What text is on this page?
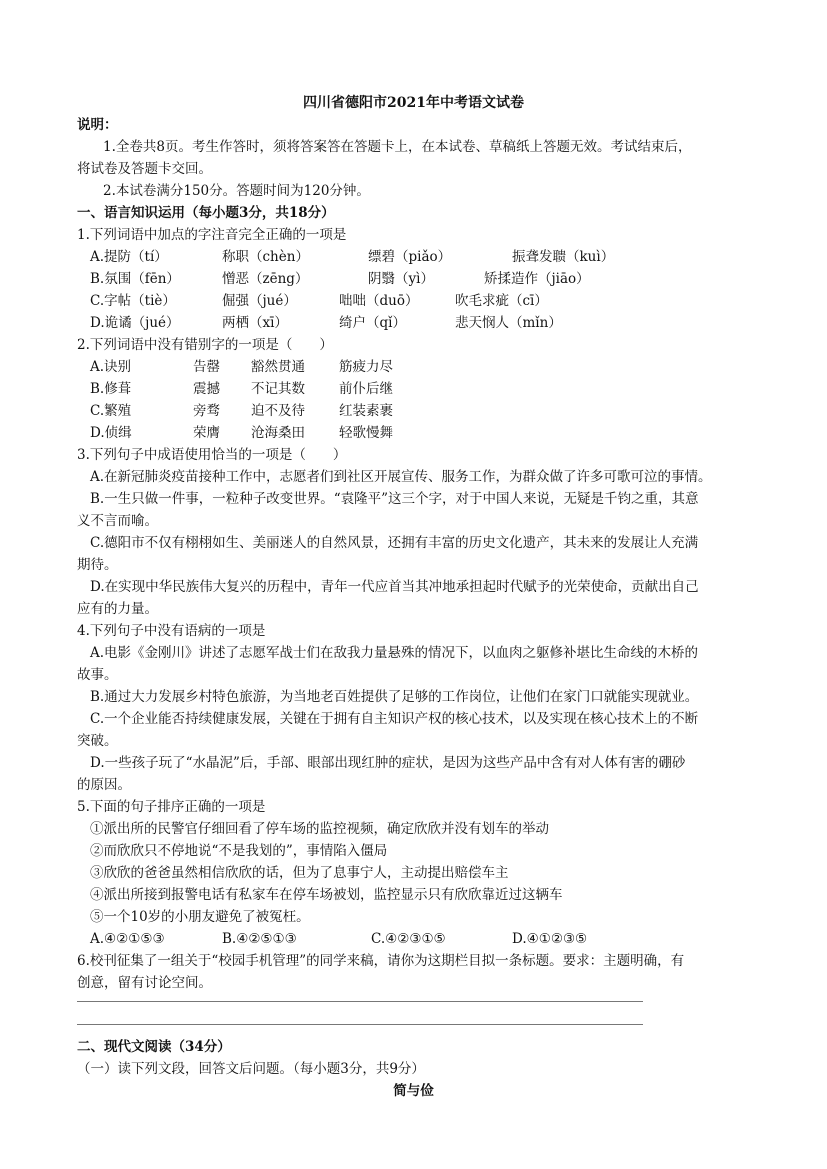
四川省德阳市2021年中考语文试卷
说明：
1.全卷共8页。考生作答时，须将答案答在答题卡上，在本试卷、草稿纸上答题无效。考试结束后，
将试卷及答题卡交回。
2.本试卷满分150分。答题时间为120分钟。
一、语言知识运用（每小题3分，共18分）
1.下列词语中加点的字注音完全正确的一项是
A.提防（tí）	称职（chèn）	缥碧（piǎo）	振聋发聩（kuì）
B.氛围（fēn）	憎恶（zēng）	阴翳（yì）	矫揉造作（jiāo）
C.字帖（tiè）	倔强（jué）	咄咄（duō）	吹毛求疵（cī）
D.诡谲（jué）	两栖（xī）	绮户（qǐ）	悲天悯人（mǐn）
2.下列词语中没有错别字的一项是（　　）
A.诀别	告罄 豁然贯通	筋疲力尽
B.修葺	震撼 不记其数	前仆后继
C.繁殖	旁骛 迫不及待	红装素裹
D.侦缉	荣膺 沧海桑田	轻歌慢舞
3.下列句子中成语使用恰当的一项是（　　）
A.在新冠肺炎疫苗接种工作中，志愿者们到社区开展宣传、服务工作，为群众做了许多可歌可泣的事情。
B.一生只做一件事，一粒种子改变世界。“袁隆平”这三个字，对于中国人来说，无疑是千钧之重，其意
义不言而喻。
C.德阳市不仅有栩栩如生、美丽迷人的自然风景，还拥有丰富的历史文化遗产，其未来的发展让人充满
期待。
D.在实现中华民族伟大复兴的历程中，青年一代应首当其冲地承担起时代赋予的光荣使命，贡献出自己
应有的力量。
4.下列句子中没有语病的一项是
A.电影《金刚川》讲述了志愿军战士们在敌我力量悬殊的情况下，以血肉之躯修补堪比生命线的木桥的
故事。
B.通过大力发展乡村特色旅游，为当地老百姓提供了足够的工作岗位，让他们在家门口就能实现就业。
C.一个企业能否持续健康发展，关键在于拥有自主知识产权的核心技术，以及实现在核心技术上的不断
突破。
D.一些孩子玩了“水晶泥”后，手部、眼部出现红肿的症状，是因为这些产品中含有对人体有害的硼砂
的原因。
5.下面的句子排序正确的一项是
①派出所的民警官仔细回看了停车场的监控视频，确定欣欣并没有划车的举动
②而欣欣只不停地说“不是我划的”，事情陷入僵局
③欣欣的爸爸虽然相信欣欣的话，但为了息事宁人，主动提出赔偿车主
④派出所接到报警电话有私家车在停车场被划，监控显示只有欣欣靠近过这辆车
⑤一个10岁的小朋友避免了被冤枉。
A.④②①⑤③	B.④②⑤①③	C.④②③①⑤	D.④①②③⑤
6.校刊征集了一组关于“校园手机管理”的同学来稿，请你为这期栏目拟一条标题。要求：主题明确，有
创意，留有讨论空间。
二、现代文阅读（34分）
（一）读下列文段，回答文后问题。（每小题3分，共9分）
简与俭
